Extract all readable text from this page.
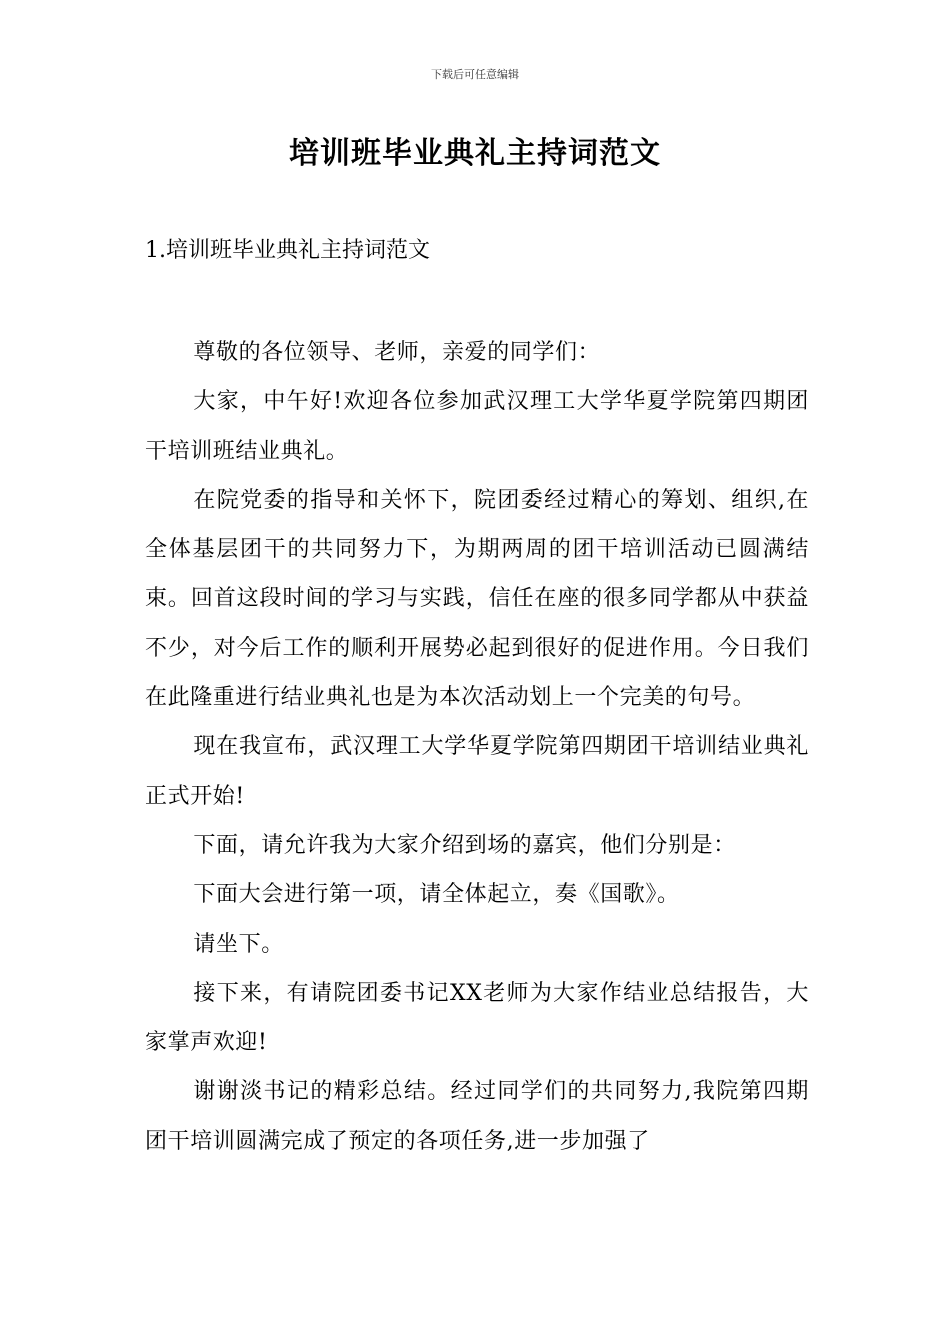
下载后可任意编辑
培训班毕业典礼主持词范文
1.培训班毕业典礼主持词范文

尊敬的各位领导、老师，亲爱的同学们：

大家，中午好!欢迎各位参加武汉理工大学华夏学院第四期团干培训班结业典礼。

在院党委的指导和关怀下，院团委经过精心的筹划、组织,在全体基层团干的共同努力下，为期两周的团干培训活动已圆满结束。回首这段时间的学习与实践，信任在座的很多同学都从中获益不少，对今后工作的顺利开展势必起到很好的促进作用。今日我们在此隆重进行结业典礼也是为本次活动划上一个完美的句号。

现在我宣布，武汉理工大学华夏学院第四期团干培训结业典礼正式开始!

下面，请允许我为大家介绍到场的嘉宾，他们分别是：

下面大会进行第一项，请全体起立，奏《国歌》。

请坐下。

接下来，有请院团委书记XX老师为大家作结业总结报告，大家掌声欢迎!

谢谢淡书记的精彩总结。经过同学们的共同努力,我院第四期团干培训圆满完成了预定的各项任务,进一步加强了
